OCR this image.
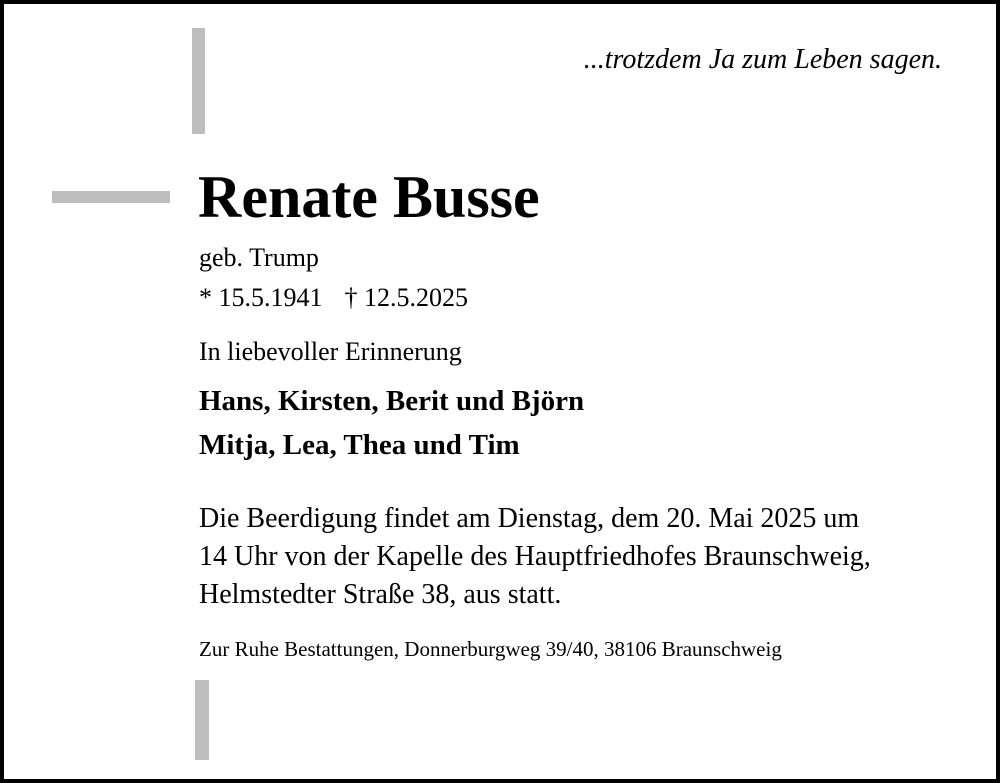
...trotzdem Ja zum Leben sagen.
Renate Busse
geb. Trump
* 15.5.1941 † 12.5.2025
In liebevoller Erinnerung
Hans, Kirsten, Berit und Björn
Mitja, Lea, Thea und Tim
Die Beerdigung findet am Dienstag, dem 20. Mai 2025 um
14 Uhr von der Kapelle des Hauptfriedhofes Braunschweig,
Helmstedter Straße 38, aus statt.
Zur Ruhe Bestattungen, Donnerburgweg 39/40, 38106 Braunschweig
